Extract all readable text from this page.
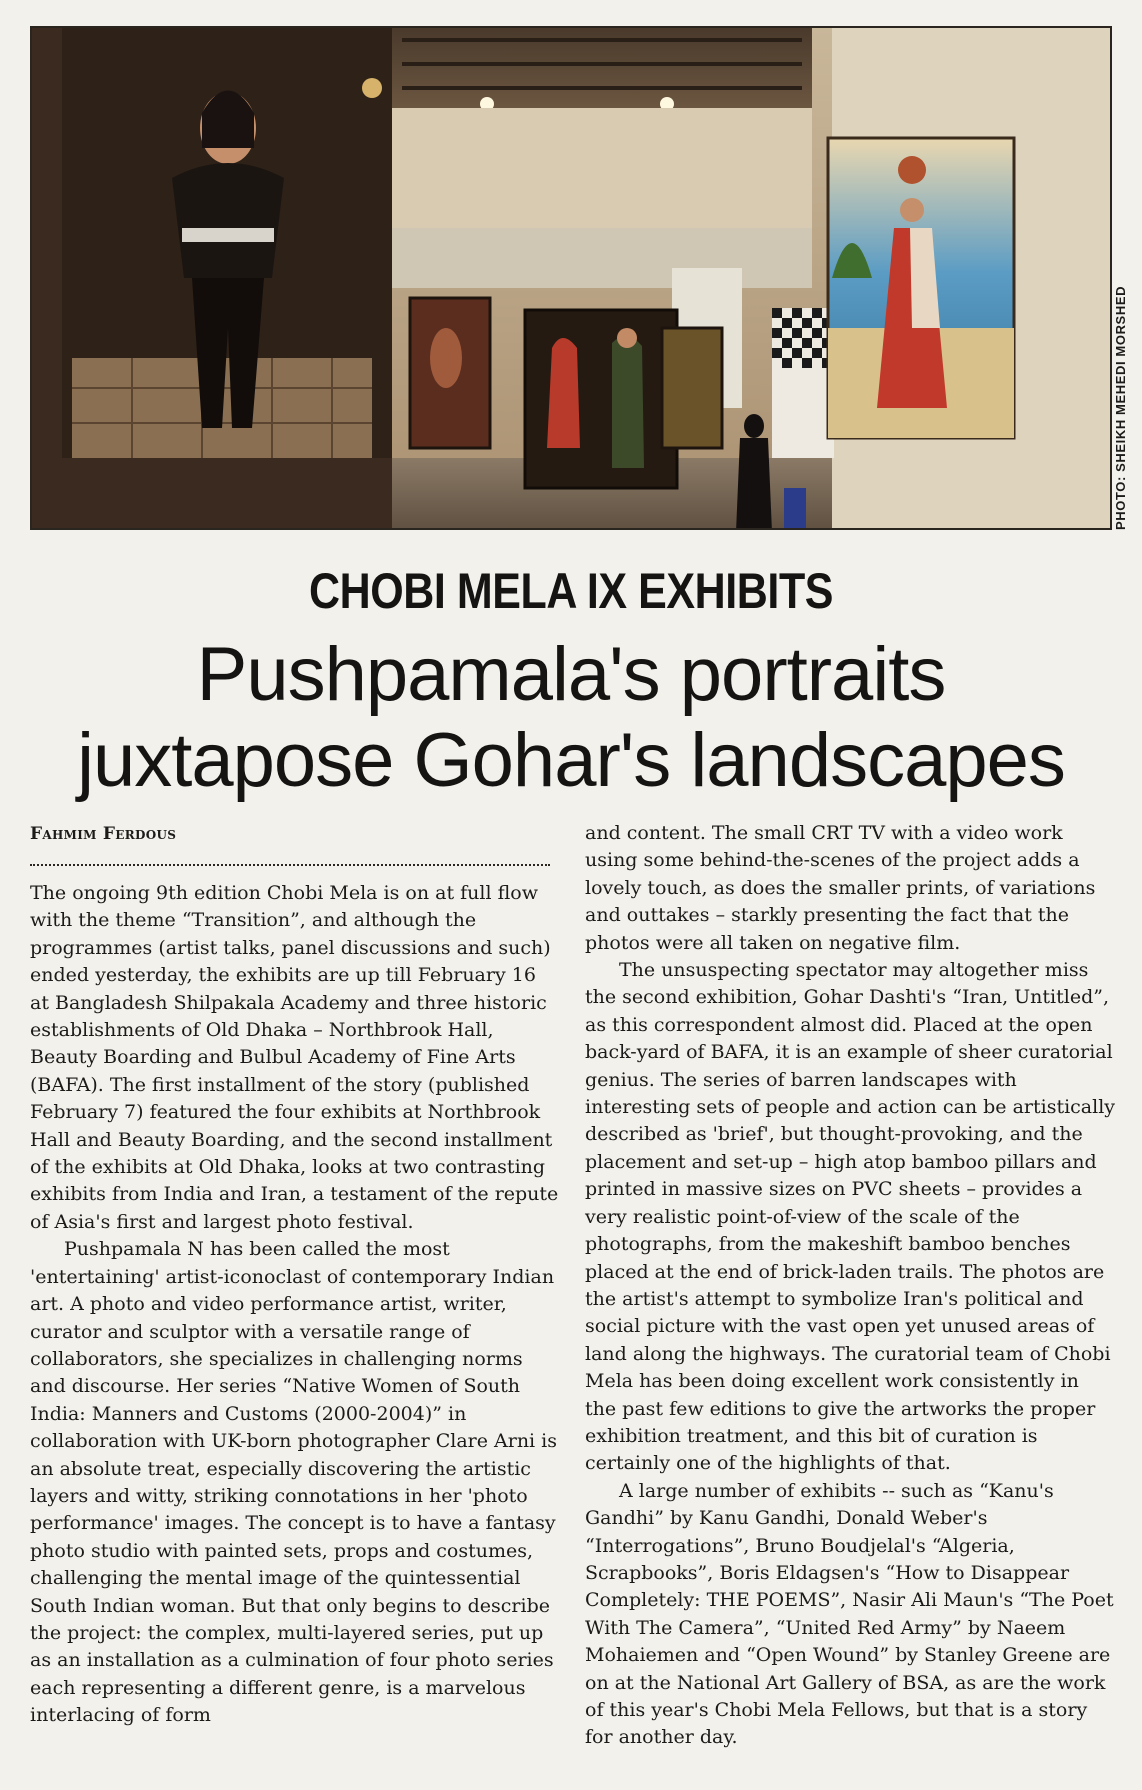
PHOTO: SHEIKH MEHEDI MORSHED
CHOBI MELA IX EXHIBITS
Pushpamala's portraits
juxtapose Gohar's landscapes
Fahmim Ferdous

The ongoing 9th edition Chobi Mela is on at full flow with the theme “Transition”, and although the programmes (artist talks, panel discussions and such) ended yesterday, the exhibits are up till February 16 at Bangladesh Shilpakala Academy and three historic establishments of Old Dhaka – Northbrook Hall, Beauty Boarding and Bulbul Academy of Fine Arts (BAFA). The first installment of the story (published February 7) featured the four exhibits at Northbrook Hall and Beauty Boarding, and the second installment of the exhibits at Old Dhaka, looks at two contrasting exhibits from India and Iran, a testament of the repute of Asia's first and largest photo festival.

Pushpamala N has been called the most 'entertaining' artist-iconoclast of contemporary Indian art. A photo and video performance artist, writer, curator and sculptor with a versatile range of collaborators, she specializes in challenging norms and discourse. Her series “Native Women of South India: Manners and Customs (2000-2004)” in collaboration with UK-born photographer Clare Arni is an absolute treat, especially discovering the artistic layers and witty, striking connotations in her 'photo performance' images. The concept is to have a fantasy photo studio with painted sets, props and costumes, challenging the mental image of the quintessential South Indian woman. But that only begins to describe the project: the complex, multi-layered series, put up as an installation as a culmination of four photo series each representing a different genre, is a marvelous interlacing of form

and content. The small CRT TV with a video work using some behind-the-scenes of the project adds a lovely touch, as does the smaller prints, of variations and outtakes – starkly presenting the fact that the photos were all taken on negative film.

The unsuspecting spectator may altogether miss the second exhibition, Gohar Dashti's “Iran, Untitled”, as this correspondent almost did. Placed at the open back-yard of BAFA, it is an example of sheer curatorial genius. The series of barren landscapes with interesting sets of people and action can be artistically described as 'brief', but thought-provoking, and the placement and set-up – high atop bamboo pillars and printed in massive sizes on PVC sheets – provides a very realistic point-of-view of the scale of the photographs, from the makeshift bamboo benches placed at the end of brick-laden trails. The photos are the artist's attempt to symbolize Iran's political and social picture with the vast open yet unused areas of land along the highways. The curatorial team of Chobi Mela has been doing excellent work consistently in the past few editions to give the artworks the proper exhibition treatment, and this bit of curation is certainly one of the highlights of that.

A large number of exhibits -- such as “Kanu's Gandhi” by Kanu Gandhi, Donald Weber's “Interrogations”, Bruno Boudjelal's “Algeria, Scrapbooks”, Boris Eldagsen's “How to Disappear Completely: THE POEMS”, Nasir Ali Maun's “The Poet With The Camera”, “United Red Army” by Naeem Mohaiemen and “Open Wound” by Stanley Greene are on at the National Art Gallery of BSA, as are the work of this year's Chobi Mela Fellows, but that is a story for another day.
